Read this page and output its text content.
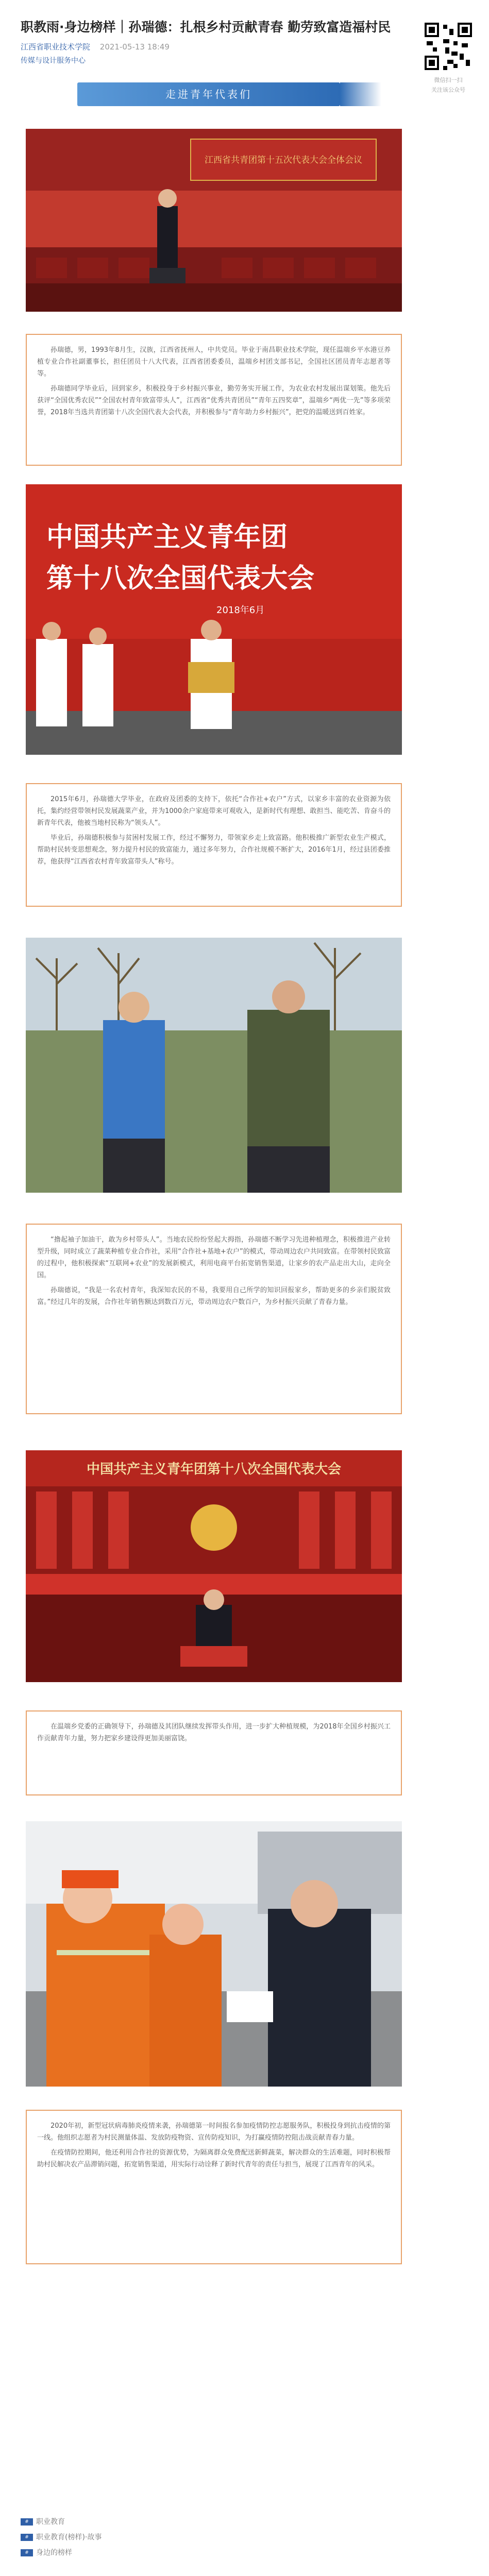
职教雨·身边榜样｜孙瑞德：扎根乡村贡献青春 勤劳致富造福村民
江西省职业技术学院 2021-05-13 18:49
传媒与设计服务中心
微信扫一扫
关注该公众号
走进青年代表们
江西省共青团第十五次代表大会全体会议

孙瑞德，男，1993年8月生，汉族，江西省抚州人，中共党员。毕业于南昌职业技术学院，现任温端乡平水港豆养植专业合作社副董事长，担任团员十八大代表，江西省团委委员，温端乡村团支部书记，全国社区团员青年志愿者等等。

孙瑞德同学毕业后，回到家乡，积极投身于乡村振兴事业，勤劳务实开展工作，为农业农村发展出谋划策。他先后获评“全国优秀农民”“全国农村青年致富带头人”，江西省“优秀共青团员”“青年五四奖章”，温端乡“两优一先”等多项荣誉，2018年当选共青团第十八次全国代表大会代表，并积极参与“青年助力乡村振兴”，把党的温暖送到百姓家。

中国共产主义青年团
第十八次全国代表大会
2018年6月

2015年6月，孙瑞德大学毕业，在政府及团委的支持下，依托“合作社+农户”方式，以家乡丰富的农业资源为依托，集约经营带领村民发展蔬菜产业，并为1000余户家庭带来可观收入，是新时代有理想、敢担当、能吃苦、肯奋斗的新青年代表，他被当地村民称为“领头人”。

毕业后，孙瑞德积极参与贫困村发展工作，经过不懈努力，带领家乡走上致富路。他积极推广新型农业生产模式，帮助村民转变思想观念，努力提升村民的致富能力，通过多年努力，合作社规模不断扩大，2016年1月，经过县团委推荐，他获得“江西省农村青年致富带头人”称号。

“撸起袖子加油干，敢为乡村带头人”。当地农民纷纷竖起大拇指，孙瑞德不断学习先进种植理念，积极推进产业转型升级，同时成立了蔬菜种植专业合作社，采用“合作社+基地+农户”的模式，带动周边农户共同致富。在带领村民致富的过程中，他积极探索“互联网+农业”的发展新模式，利用电商平台拓宽销售渠道，让家乡的农产品走出大山，走向全国。

孙瑞德说，“我是一名农村青年，我深知农民的不易，我要用自己所学的知识回报家乡，帮助更多的乡亲们脱贫致富。”经过几年的发展，合作社年销售额达到数百万元，带动周边农户数百户，为乡村振兴贡献了青春力量。

中国共产主义青年团第十八次全国代表大会

在温端乡党委的正确领导下，孙瑞德及其团队继续发挥带头作用，进一步扩大种植规模，为2018年全国乡村振兴工作贡献青年力量，努力把家乡建设得更加美丽富饶。

2020年初，新型冠状病毒肺炎疫情来袭，孙瑞德第一时间报名参加疫情防控志愿服务队，积极投身到抗击疫情的第一线。他组织志愿者为村民测量体温、发放防疫物资、宣传防疫知识，为打赢疫情防控阻击战贡献青春力量。

在疫情防控期间，他还利用合作社的资源优势，为隔离群众免费配送新鲜蔬菜，解决群众的生活难题，同时积极帮助村民解决农产品滞销问题，拓宽销售渠道，用实际行动诠释了新时代青年的责任与担当，展现了江西青年的风采。

# 职业教育
# 职业教育(榜样)·故事
# 身边的榜样
